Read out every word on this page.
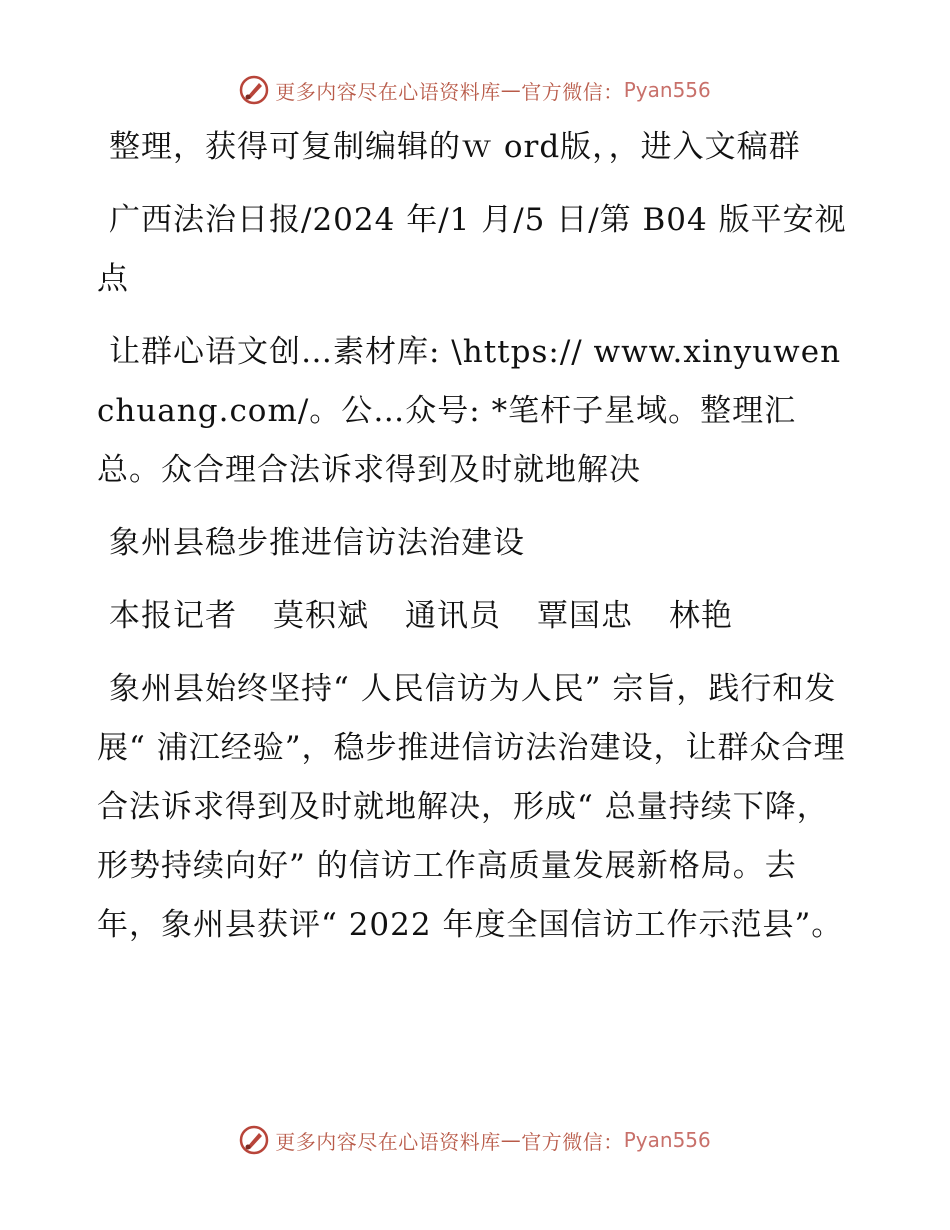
更多内容尽在心语资料库 — 官方微信： Pyan556

整理，获得可复制编辑的ｗ ord版，，进入文稿群

广西法治日报/2024 年/1 月/5 日/第 B04 版平安视点

让群心语文创…素材库: \https:// www.xinyuwenchuang.com/。公…众号: *笔杆子星域。整理汇总。众合理合法诉求得到及时就地解决

象州县稳步推进信访法治建设

本报记者 莫积斌 通讯员 覃国忠 林艳

象州县始终坚持“ 人民信访为人民” 宗旨，践行和发展“ 浦江经验”，稳步推进信访法治建设，让群众合理合法诉求得到及时就地解决，形成“ 总量持续下降，形势持续向好” 的信访工作高质量发展新格局。去年，象州县获评“ 2022 年度全国信访工作示范县”。

更多内容尽在心语资料库 — 官方微信： Pyan556
